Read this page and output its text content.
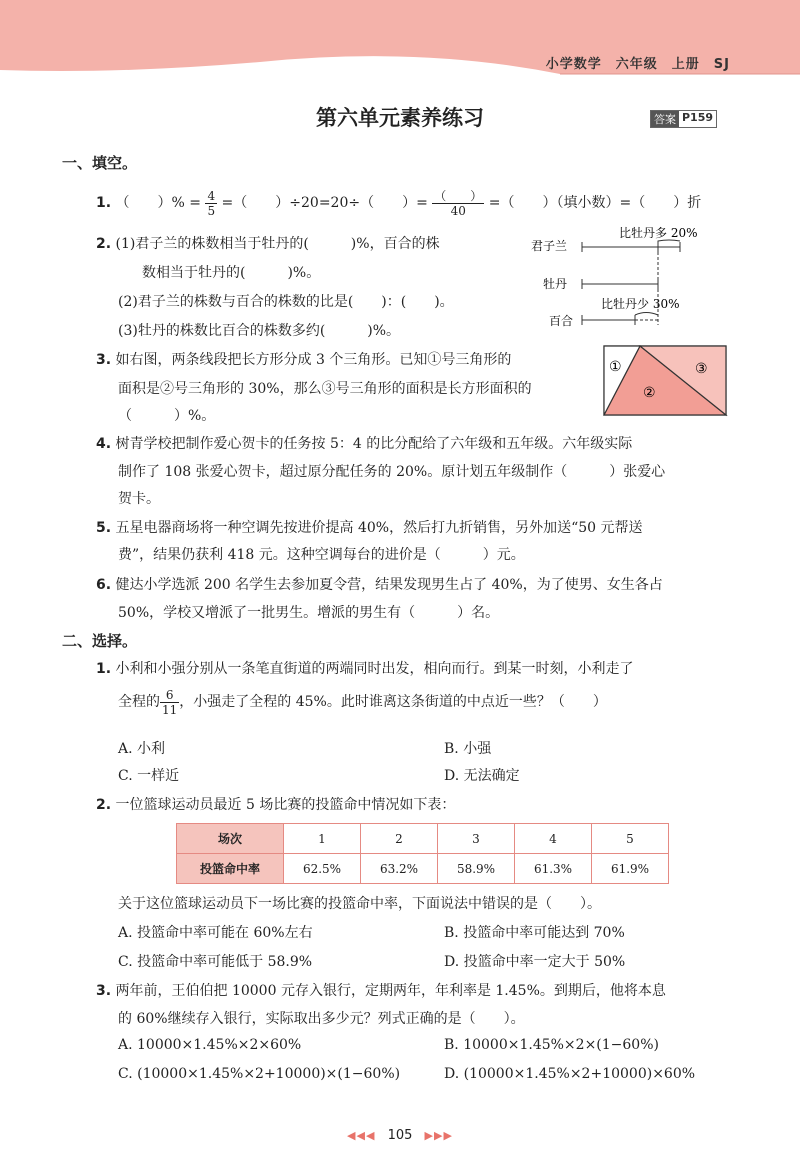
小学数学　六年级　上册　SJ
第六单元素养练习	答案 P159
一、填空。
1. （　　）% = $\frac{4}{5}$ =（　　）÷20=20÷（　　）= $\frac{( )}{40}$ =（　　）（填小数）=（　　）折
2. (1)君子兰的株数相当于牡丹的(　　　)%，百合的株
数相当于牡丹的(　　　)%。
(2)君子兰的株数与百合的株数的比是(　　)：(　　)。
(3)牡丹的株数比百合的株数多约(　　　)%。
君子兰
牡丹
百合
比牡丹多 20%
比牡丹少 30%
3. 如右图，两条线段把长方形分成 3 个三角形。已知①号三角形的
面积是②号三角形的 30%，那么③号三角形的面积是长方形面积的
（　　　）%。
①
②
③
4. 树青学校把制作爱心贺卡的任务按 5：4 的比分配给了六年级和五年级。六年级实际
制作了 108 张爱心贺卡，超过原分配任务的 20%。原计划五年级制作（　　　）张爱心
贺卡。
5. 五星电器商场将一种空调先按进价提高 40%，然后打九折销售，另外加送“50 元帮送
费”，结果仍获利 418 元。这种空调每台的进价是（　　　）元。
6. 健达小学选派 200 名学生去参加夏令营，结果发现男生占了 40%，为了使男、女生各占
50%，学校又增派了一批男生。增派的男生有（　　　）名。
二、选择。
1. 小利和小强分别从一条笔直街道的两端同时出发，相向而行。到某一时刻，小利走了
全程的 $\frac{6}{11}$ ，小强走了全程的 45%。此时谁离这条街道的中点近一些？（　　）
A. 小利	B. 小强
C. 一样近	D. 无法确定
2. 一位篮球运动员最近 5 场比赛的投篮命中情况如下表：
场次	1	2	3	4	5
投篮命中率	62.5%	63.2%	58.9%	61.3%	61.9%
关于这位篮球运动员下一场比赛的投篮命中率，下面说法中错误的是（　　）。
A. 投篮命中率可能在 60%左右	B. 投篮命中率可能达到 70%
C. 投篮命中率可能低于 58.9%	D. 投篮命中率一定大于 50%
3. 两年前，王伯伯把 10000 元存入银行，定期两年，年利率是 1.45%。到期后，他将本息
的 60%继续存入银行，实际取出多少元？列式正确的是（　　）。
A. 10000×1.45%×2×60%	B. 10000×1.45%×2×(1−60%)
C. (10000×1.45%×2+10000)×(1−60%)	D. (10000×1.45%×2+10000)×60%
◀◀◀ 105 ▶▶▶
